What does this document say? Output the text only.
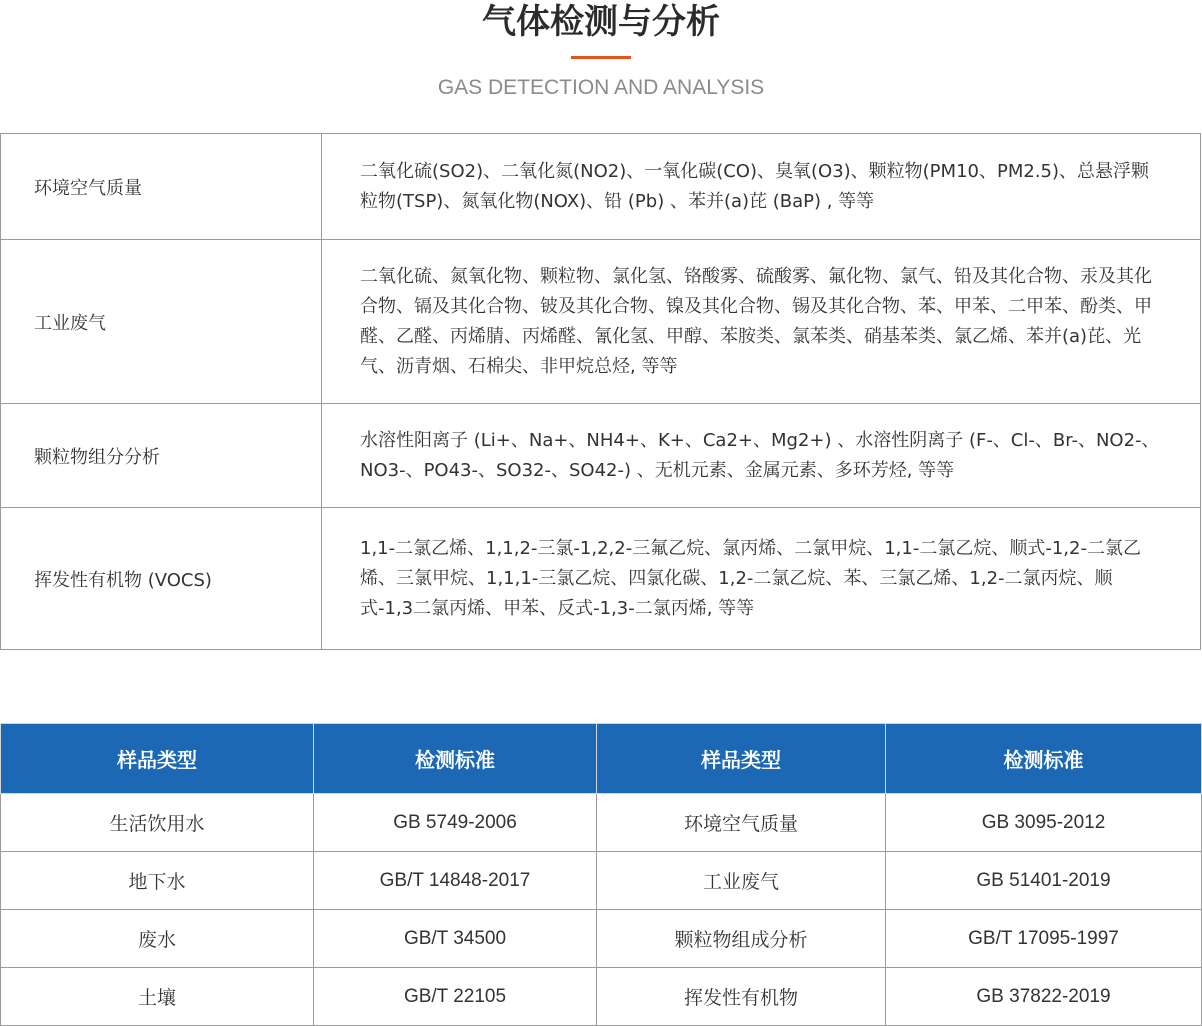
气体检测与分析
GAS DETECTION AND ANALYSIS
环境空气质量	二氧化硫(SO2)、二氧化氮(NO2)、一氧化碳(CO)、臭氧(O3)、颗粒物(PM10、PM2.5)、总悬浮颗粒物(TSP)、氮氧化物(NOX)、铅 (Pb) 、苯并(a)芘 (BaP) , 等等
工业废气	二氧化硫、氮氧化物、颗粒物、氯化氢、铬酸雾、硫酸雾、氟化物、氯气、铅及其化合物、汞及其化合物、镉及其化合物、铍及其化合物、镍及其化合物、锡及其化合物、苯、甲苯、二甲苯、酚类、甲醛、乙醛、丙烯腈、丙烯醛、氰化氢、甲醇、苯胺类、氯苯类、硝基苯类、氯乙烯、苯并(a)芘、光气、沥青烟、石棉尖、非甲烷总烃, 等等
颗粒物组分分析	水溶性阳离子 (Li+、Na+、NH4+、K+、Ca2+、Mg2+) 、水溶性阴离子 (F-、Cl-、Br-、NO2-、NO3-、PO43-、SO32-、SO42-) 、无机元素、金属元素、多环芳烃, 等等
挥发性有机物 (VOCS)	1,1-二氯乙烯、1,1,2-三氯-1,2,2-三氟乙烷、氯丙烯、二氯甲烷、1,1-二氯乙烷、顺式-1,2-二氯乙烯、三氯甲烷、1,1,1-三氯乙烷、四氯化碳、1,2-二氯乙烷、苯、三氯乙烯、1,2-二氯丙烷、顺式-1,3二氯丙烯、甲苯、反式-1,3-二氯丙烯, 等等
样品类型	检测标准	样品类型	检测标准
生活饮用水	GB 5749-2006	环境空气质量	GB 3095-2012
地下水	GB/T 14848-2017	工业废气	GB 51401-2019
废水	GB/T 34500	颗粒物组成分析	GB/T 17095-1997
土壤	GB/T 22105	挥发性有机物	GB 37822-2019
